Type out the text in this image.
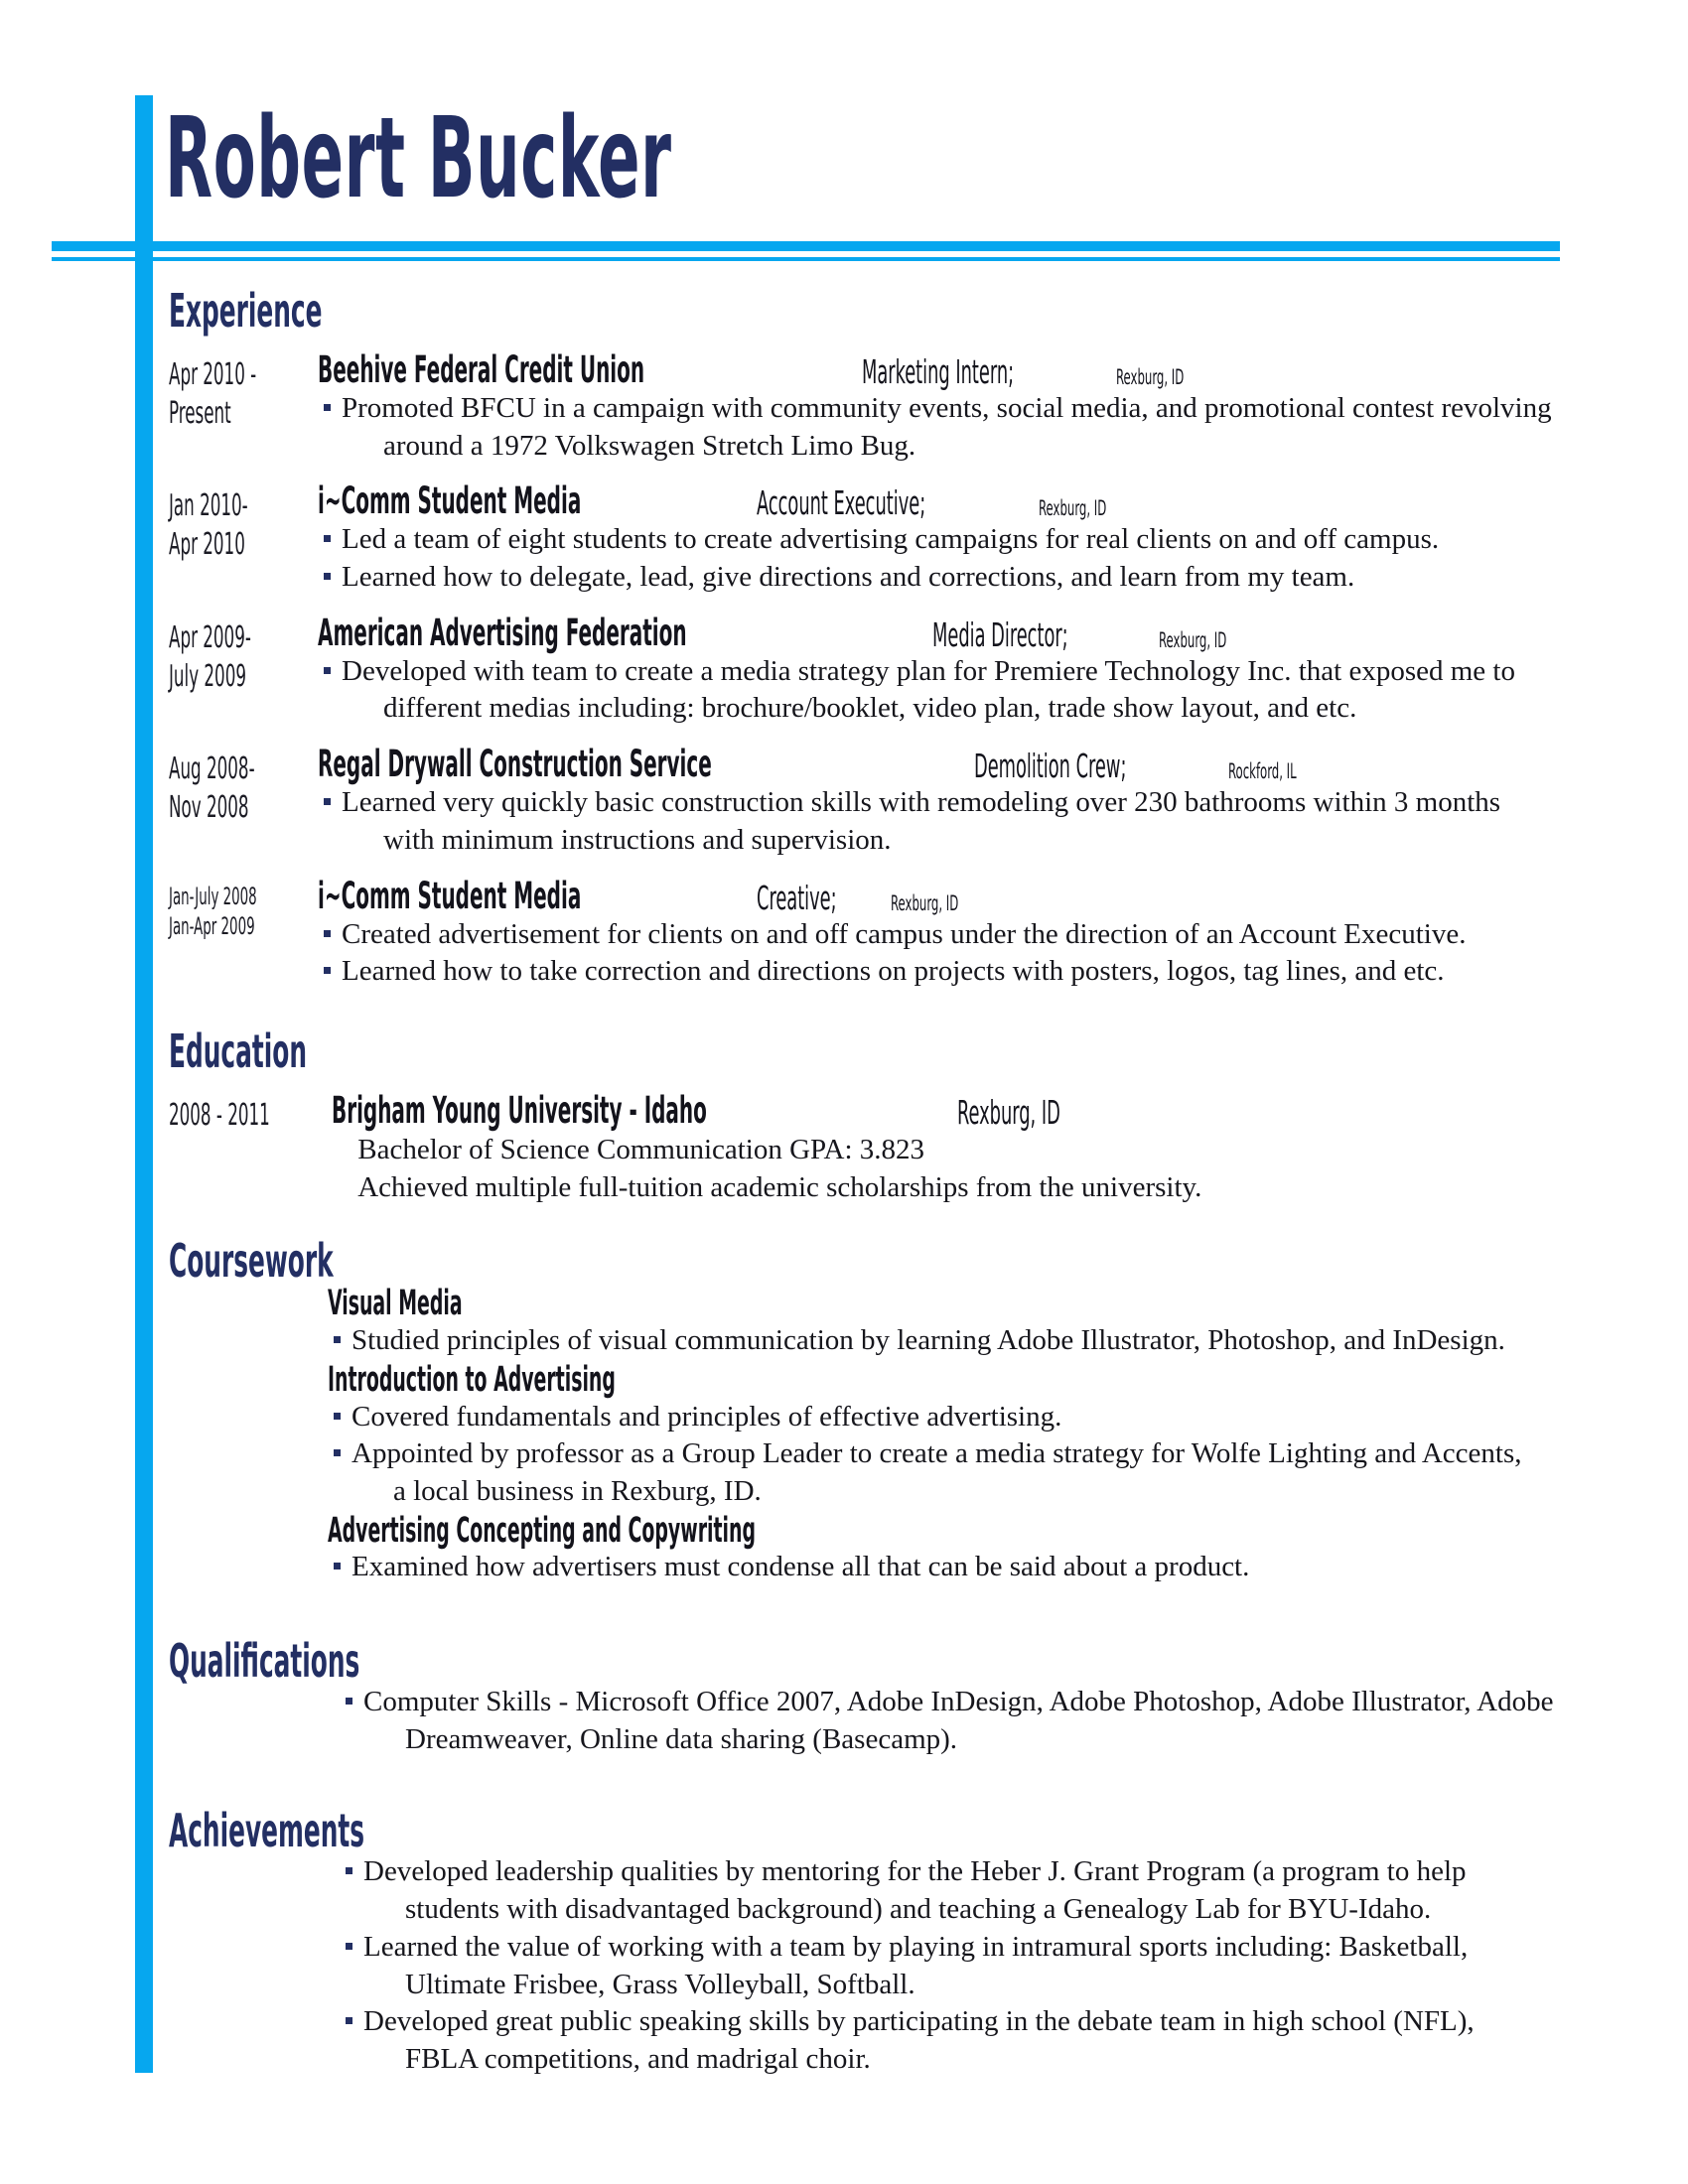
Robert Bucker
Experience
Apr 2010 -
Present
Beehive Federal Credit Union	Marketing Intern;	Rexburg, ID
Promoted BFCU in a campaign with community events, social media, and promotional contest revolving
around a 1972 Volkswagen Stretch Limo Bug.
Jan 2010-
Apr 2010
i~Comm Student Media	Account Executive;	Rexburg, ID
Led a team of eight students to create advertising campaigns for real clients on and off campus.
Learned how to delegate, lead, give directions and corrections, and learn from my team.
Apr 2009-
July 2009
American Advertising Federation	Media Director;	Rexburg, ID
Developed with team to create a media strategy plan for Premiere Technology Inc. that exposed me to
different medias including: brochure/booklet, video plan, trade show layout, and etc.
Aug 2008-
Nov 2008
Regal Drywall Construction Service	Demolition Crew;	Rockford, IL
Learned very quickly basic construction skills with remodeling over 230 bathrooms within 3 months
with minimum instructions and supervision.
Jan-July 2008
Jan-Apr 2009
i~Comm Student Media	Creative;	Rexburg, ID
Created advertisement for clients on and off campus under the direction of an Account Executive.
Learned how to take correction and directions on projects with posters, logos, tag lines, and etc.
Education
2008 - 2011 Brigham Young University - Idaho	Rexburg, ID
Bachelor of Science Communication GPA: 3.823
Achieved multiple full-tuition academic scholarships from the university.
Coursework
Visual Media
Studied principles of visual communication by learning Adobe Illustrator, Photoshop, and InDesign.
Introduction to Advertising
Covered fundamentals and principles of effective advertising.
Appointed by professor as a Group Leader to create a media strategy for Wolfe Lighting and Accents,
a local business in Rexburg, ID.
Advertising Concepting and Copywriting
Examined how advertisers must condense all that can be said about a product.
Qualifications
Computer Skills - Microsoft Office 2007, Adobe InDesign, Adobe Photoshop, Adobe Illustrator, Adobe
Dreamweaver, Online data sharing (Basecamp).
Achievements
Developed leadership qualities by mentoring for the Heber J. Grant Program (a program to help
students with disadvantaged background) and teaching a Genealogy Lab for BYU-Idaho.
Learned the value of working with a team by playing in intramural sports including: Basketball,
Ultimate Frisbee, Grass Volleyball, Softball.
Developed great public speaking skills by participating in the debate team in high school (NFL),
FBLA competitions, and madrigal choir.
